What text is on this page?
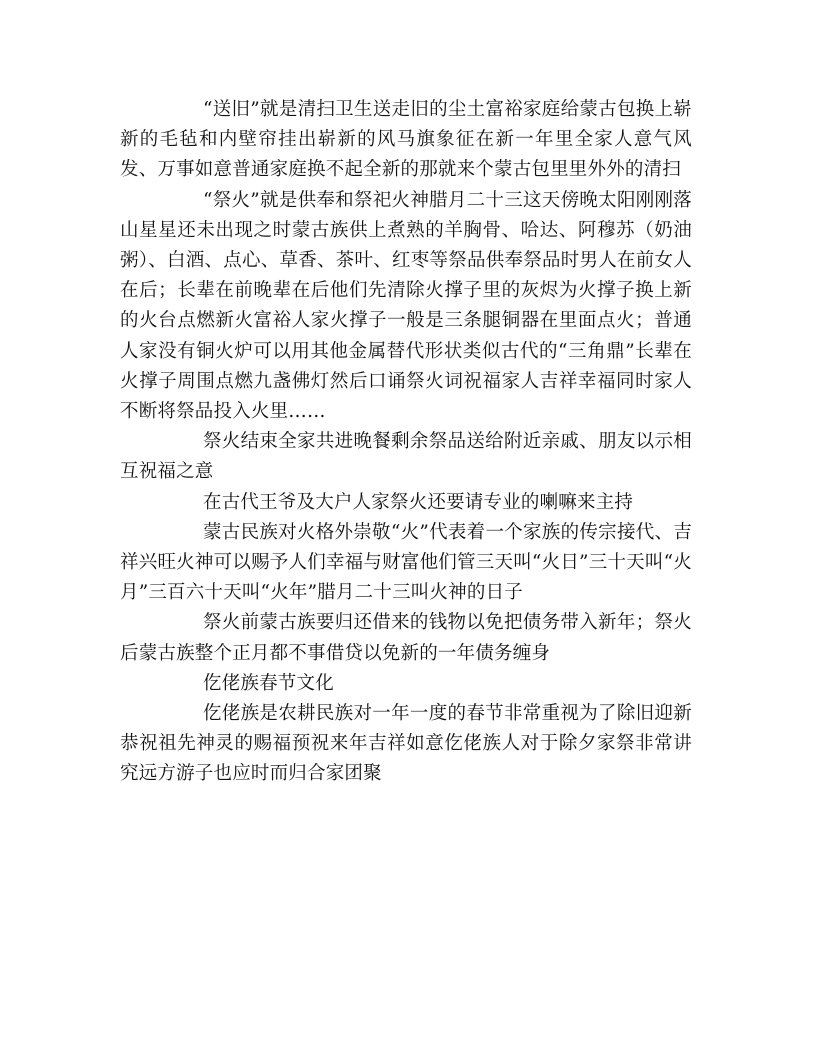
“送旧”就是清扫卫生送走旧的尘土富裕家庭给蒙古包换上崭新的毛毡和内壁帘挂出崭新的风马旗象征在新一年里全家人意气风发、万事如意普通家庭换不起全新的那就来个蒙古包里里外外的清扫

“祭火”就是供奉和祭祀火神腊月二十三这天傍晚太阳刚刚落山星星还未出现之时蒙古族供上煮熟的羊胸骨、哈达、阿穆苏（奶油粥）、白酒、点心、草香、茶叶、红枣等祭品供奉祭品时男人在前女人在后；长辈在前晚辈在后他们先清除火撑子里的灰烬为火撑子换上新的火台点燃新火富裕人家火撑子一般是三条腿铜器在里面点火；普通人家没有铜火炉可以用其他金属替代形状类似古代的“三角鼎”长辈在火撑子周围点燃九盏佛灯然后口诵祭火词祝福家人吉祥幸福同时家人不断将祭品投入火里……

祭火结束全家共进晚餐剩余祭品送给附近亲戚、朋友以示相互祝福之意

在古代王爷及大户人家祭火还要请专业的喇嘛来主持

蒙古民族对火格外崇敬“火”代表着一个家族的传宗接代、吉祥兴旺火神可以赐予人们幸福与财富他们管三天叫“火日”三十天叫“火月”三百六十天叫“火年”腊月二十三叫火神的日子

祭火前蒙古族要归还借来的钱物以免把债务带入新年；祭火后蒙古族整个正月都不事借贷以免新的一年债务缠身

仡佬族春节文化

仡佬族是农耕民族对一年一度的春节非常重视为了除旧迎新恭祝祖先神灵的赐福预祝来年吉祥如意仡佬族人对于除夕家祭非常讲究远方游子也应时而归合家团聚
